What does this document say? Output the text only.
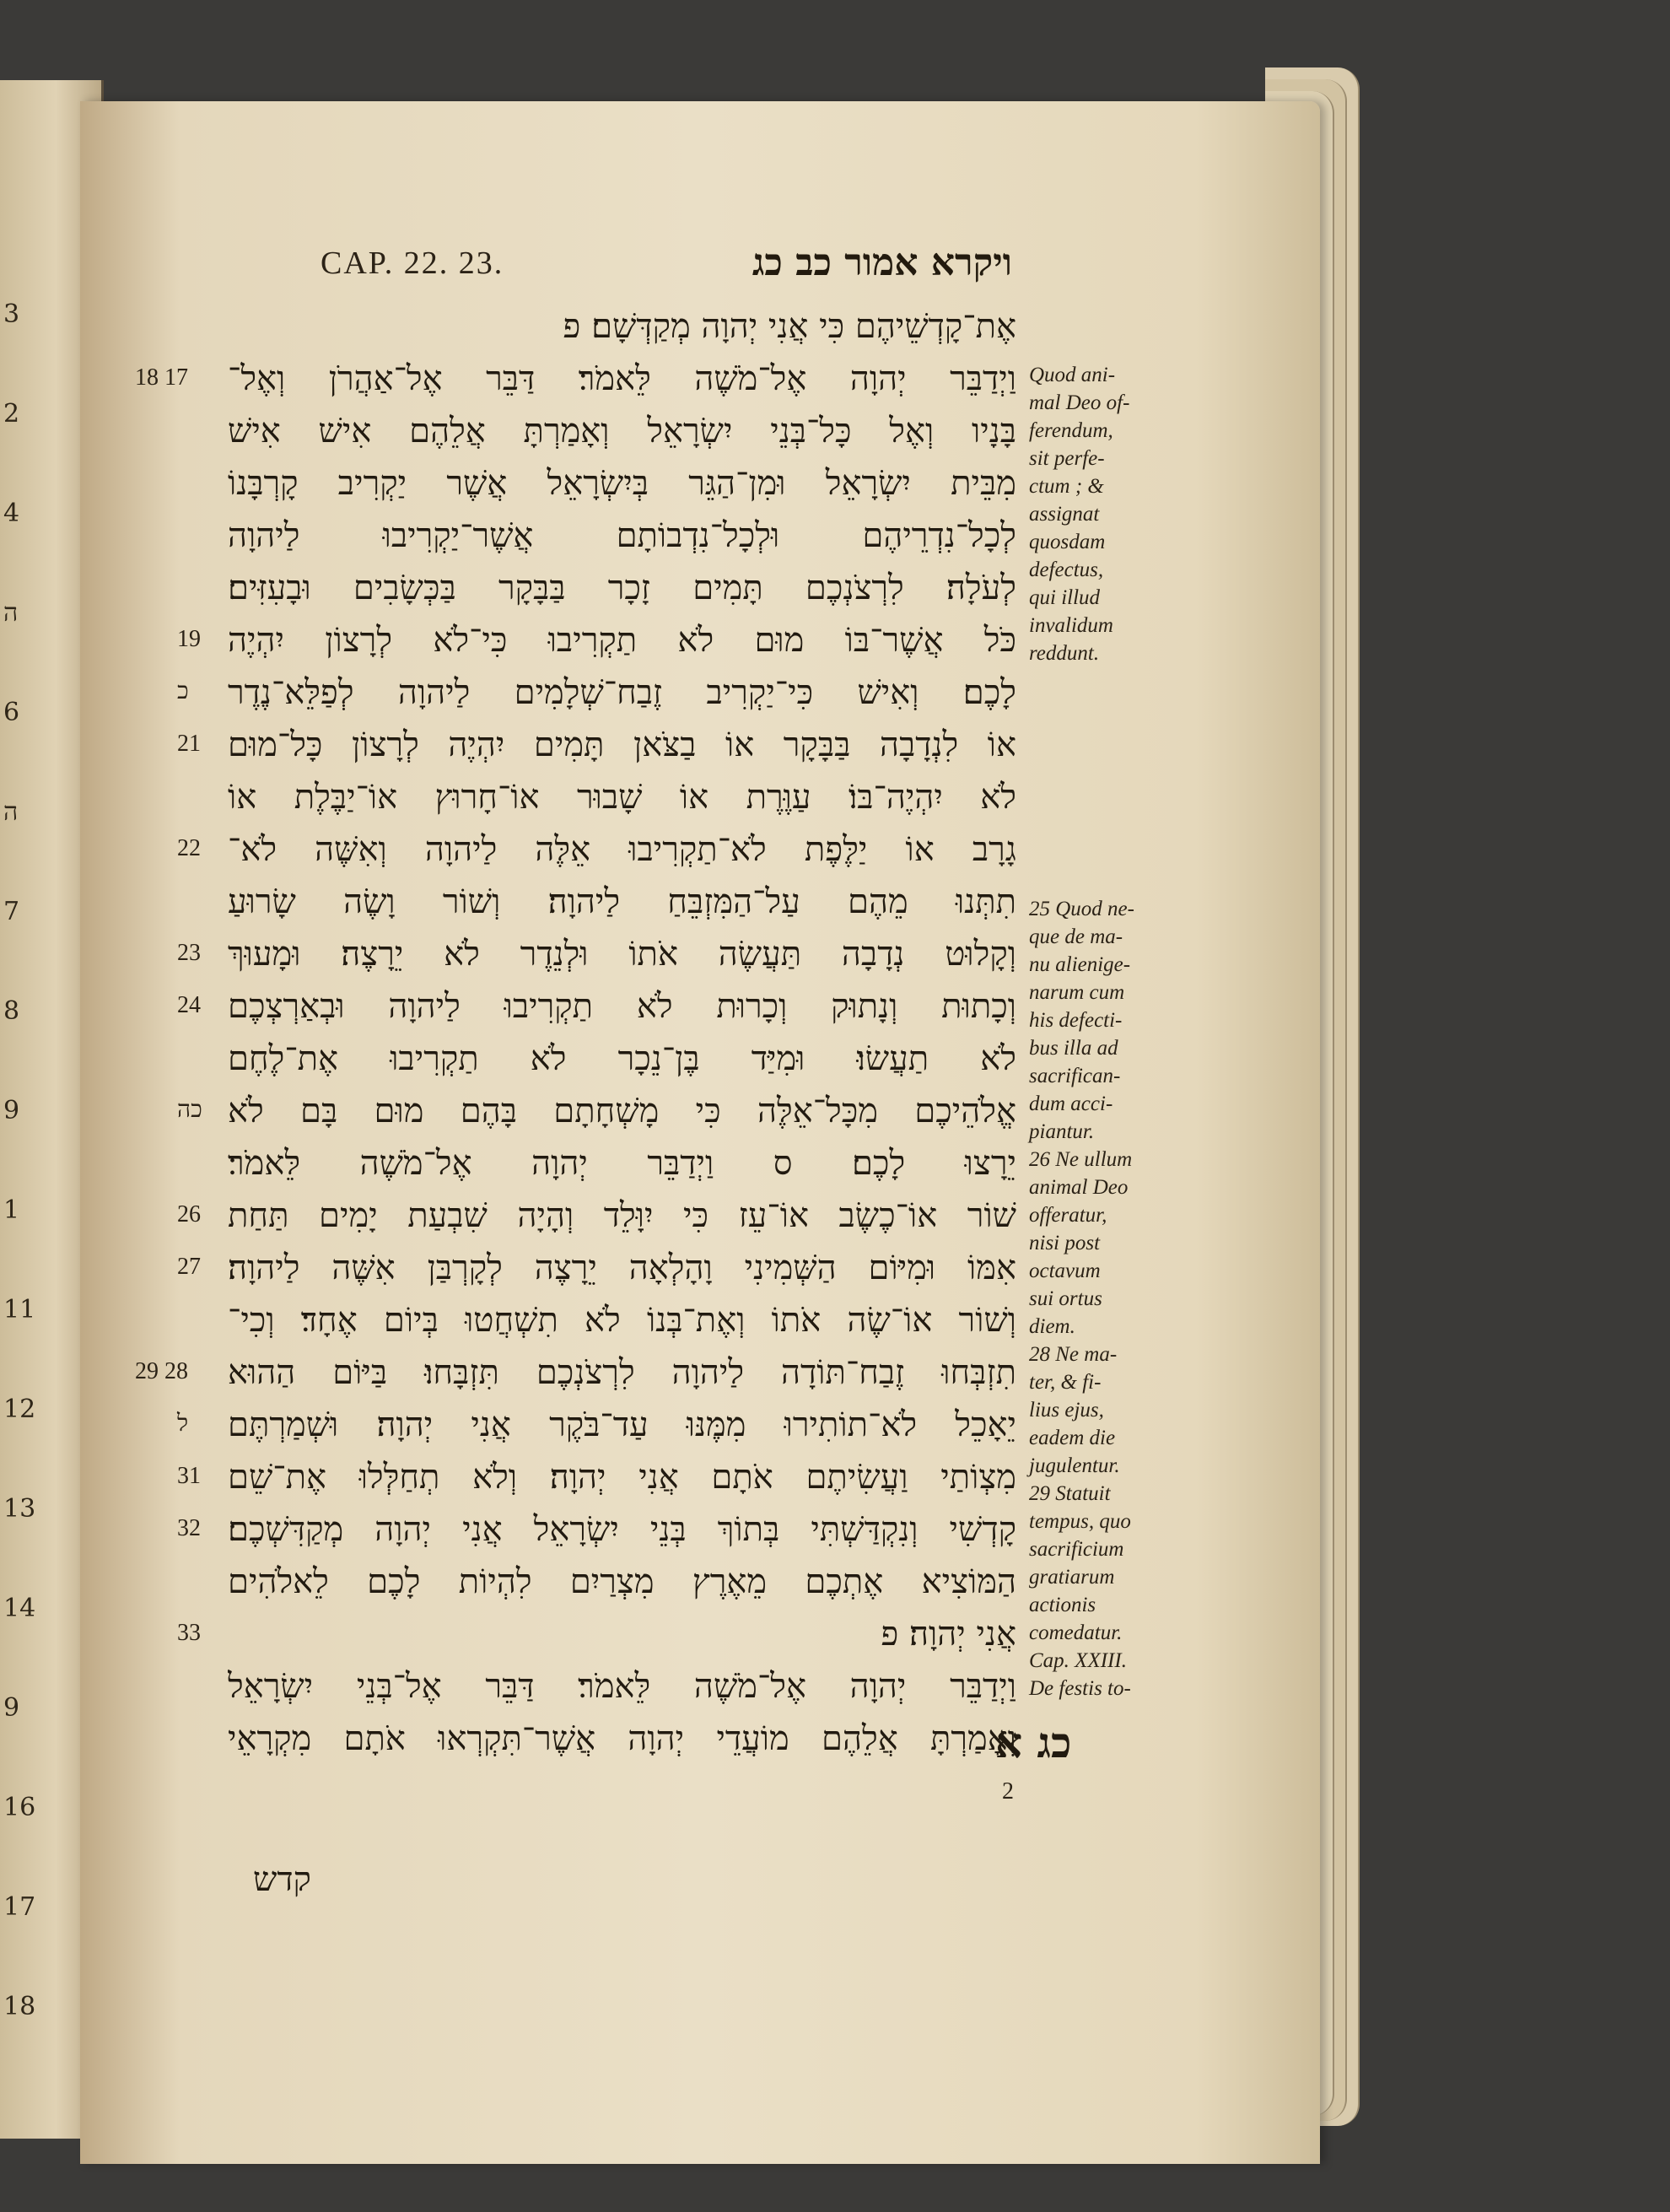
3
2
4
ה
6
ה
7
8
9
1
11
12
13
14
9
16
17
18
CAP. 22. 23.	ויקרא אמור כב כג
אֶת־קָדְשֵׁיהֶם כִּי אֲנִי יְהוָה מְקַדְּשָׁם׃ פ
וַיְדַבֵּר יְהוָה אֶל־מֹשֶׁה לֵּאמֹר׃ דַּבֵּר אֶל־אַהֲרֹן וְאֶל־
בָּנָיו וְאֶל כָּל־בְּנֵי יִשְׂרָאֵל וְאָמַרְתָּ אֲלֵהֶם אִישׁ אִישׁ
מִבֵּית יִשְׂרָאֵל וּמִן־הַגֵּר בְּיִשְׂרָאֵל אֲשֶׁר יַקְרִיב קָרְבָּנוֹ
לְכָל־נִדְרֵיהֶם וּלְכָל־נִדְבוֹתָם אֲשֶׁר־יַקְרִיבוּ לַיהוָה
לְעֹלָה׃ לִרְצֹנְכֶם תָּמִים זָכָר בַּבָּקָר בַּכְּשָׂבִים וּבָעִזִּים׃
כֹּל אֲשֶׁר־בּוֹ מוּם לֹא תַקְרִיבוּ כִּי־לֹא לְרָצוֹן יִהְיֶה
לָכֶם׃ וְאִישׁ כִּי־יַקְרִיב זֶבַח־שְׁלָמִים לַיהוָה לְפַלֵּא־נֶדֶר
אוֹ לִנְדָבָה בַּבָּקָר אוֹ בַצֹּאן תָּמִים יִהְיֶה לְרָצוֹן כָּל־מוּם
לֹא יִהְיֶה־בּוֹ׃ עַוֶּרֶת אוֹ שָׁבוּר אוֹ־חָרוּץ אוֹ־יַבֶּלֶת אוֹ
גָרָב אוֹ יַלֶּפֶת לֹא־תַקְרִיבוּ אֵלֶּה לַיהוָה וְאִשֶּׁה לֹא־
תִתְּנוּ מֵהֶם עַל־הַמִּזְבֵּחַ לַיהוָה׃ וְשׁוֹר וָשֶׂה שָׂרוּעַ
וְקָלוּט נְדָבָה תַּעֲשֶׂה אֹתוֹ וּלְנֵדֶר לֹא יֵרָצֶה׃ וּמָעוּךְ
וְכָתוּת וְנָתוּק וְכָרוּת לֹא תַקְרִיבוּ לַיהוָה וּבְאַרְצְכֶם
לֹא תַעֲשׂוּ׃ וּמִיַּד בֶּן־נֵכָר לֹא תַקְרִיבוּ אֶת־לֶחֶם
אֱלֹהֵיכֶם מִכָּל־אֵלֶּה כִּי מָשְׁחָתָם בָּהֶם מוּם בָּם לֹא
יֵרָצוּ לָכֶם׃ ס וַיְדַבֵּר יְהוָה אֶל־מֹשֶׁה לֵּאמֹר׃
שׁוֹר אוֹ־כֶשֶׂב אוֹ־עֵז כִּי יִוָּלֵד וְהָיָה שִׁבְעַת יָמִים תַּחַת
אִמּוֹ וּמִיּוֹם הַשְּׁמִינִי וָהָלְאָה יֵרָצֶה לְקָרְבַּן אִשֶּׁה לַיהוָה׃
וְשׁוֹר אוֹ־שֶׂה אֹתוֹ וְאֶת־בְּנוֹ לֹא תִשְׁחֲטוּ בְּיוֹם אֶחָד׃ וְכִי־
תִזְבְּחוּ זֶבַח־תּוֹדָה לַיהוָה לִרְצֹנְכֶם תִּזְבָּחוּ׃ בַּיּוֹם הַהוּא
יֵאָכֵל לֹא־תוֹתִירוּ מִמֶּנּוּ עַד־בֹּקֶר אֲנִי יְהוָה׃ וּשְׁמַרְתֶּם
מִצְוֹתַי וַעֲשִׂיתֶם אֹתָם אֲנִי יְהוָה׃ וְלֹא תְחַלְּלוּ אֶת־שֵׁם
קָדְשִׁי וְנִקְדַּשְׁתִּי בְּתוֹךְ בְּנֵי יִשְׂרָאֵל אֲנִי יְהוָה מְקַדִּשְׁכֶם׃
הַמּוֹצִיא אֶתְכֶם מֵאֶרֶץ מִצְרַיִם לִהְיוֹת לָכֶם לֵאלֹהִים
אֲנִי יְהוָה׃ פ
וַיְדַבֵּר יְהוָה אֶל־מֹשֶׁה לֵּאמֹר׃ דַּבֵּר אֶל־בְּנֵי יִשְׂרָאֵל
וְאָמַרְתָּ אֲלֵהֶם מוֹעֲדֵי יְהוָה אֲשֶׁר־תִּקְרְאוּ אֹתָם מִקְרָאֵי
18 17
19
כ
21
22
23
24
כה
26
27
29 28
ל
31
32
33
כג א
2
קדש

Quod ani-

mal Deo of-

ferendum,

sit perfe-

ctum ; &

assignat

quosdam

defectus,

qui illud

invalidum

reddunt.

25 Quod ne-

que de ma-

nu alienige-

narum cum

his defecti-

bus illa ad

sacrifican-

dum acci-

piantur.

26 Ne ullum

animal Deo

offeratur,

nisi post

octavum

sui ortus

diem.

28 Ne ma-

ter, & fi-

lius ejus,

eadem die

jugulentur.

29 Statuit

tempus, quo

sacrificium

gratiarum

actionis

comedatur.

Cap. XXIII.

De festis to-
